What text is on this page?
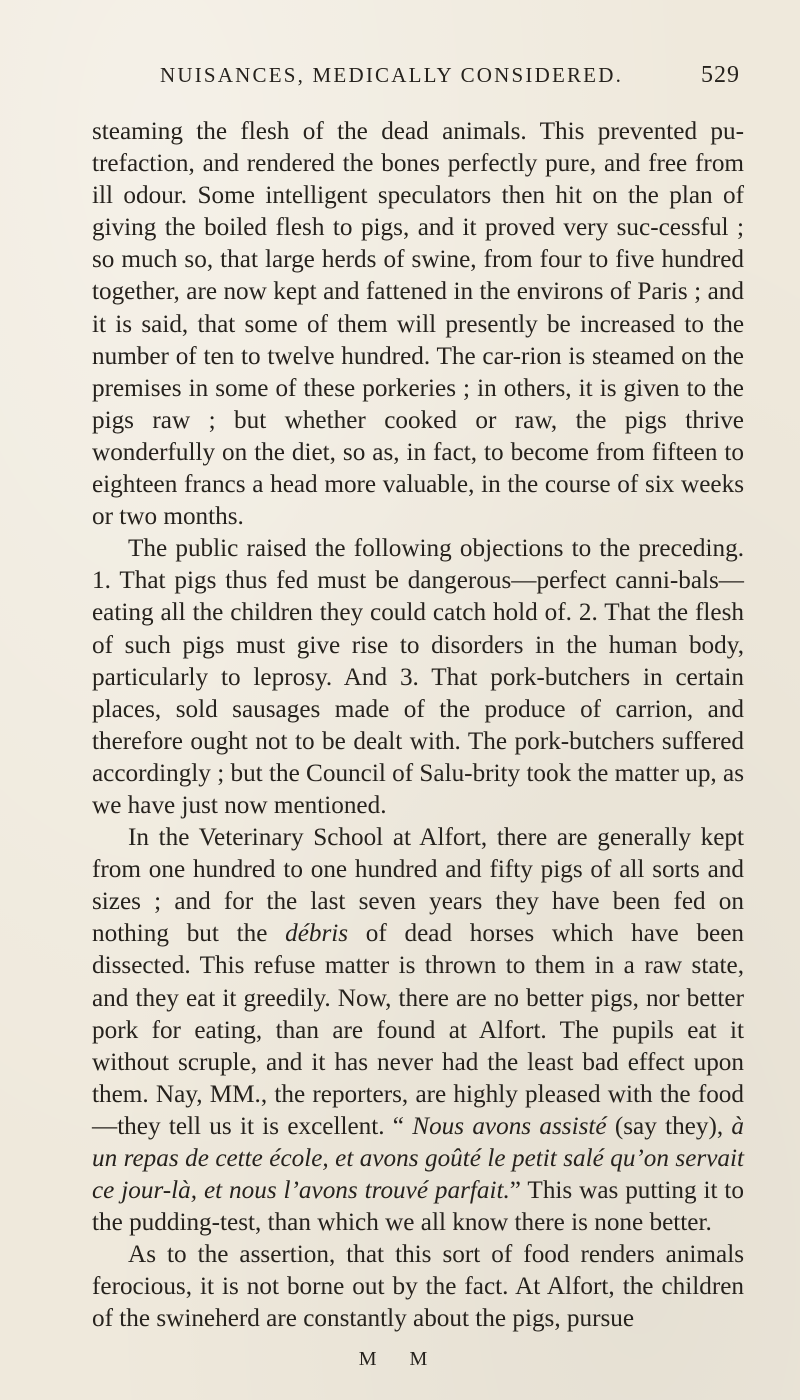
NUISANCES, MEDICALLY CONSIDERED.	529

steaming the flesh of the dead animals. This prevented pu-trefaction, and rendered the bones perfectly pure, and free from ill odour. Some intelligent speculators then hit on the plan of giving the boiled flesh to pigs, and it proved very suc-cessful ; so much so, that large herds of swine, from four to five hundred together, are now kept and fattened in the environs of Paris ; and it is said, that some of them will presently be increased to the number of ten to twelve hundred. The car-rion is steamed on the premises in some of these porkeries ; in others, it is given to the pigs raw ; but whether cooked or raw, the pigs thrive wonderfully on the diet, so as, in fact, to become from fifteen to eighteen francs a head more valuable, in the course of six weeks or two months.

The public raised the following objections to the preceding. 1. That pigs thus fed must be dangerous—perfect canni-bals—eating all the children they could catch hold of. 2. That the flesh of such pigs must give rise to disorders in the human body, particularly to leprosy. And 3. That pork-butchers in certain places, sold sausages made of the produce of carrion, and therefore ought not to be dealt with. The pork-butchers suffered accordingly ; but the Council of Salu-brity took the matter up, as we have just now mentioned.

In the Veterinary School at Alfort, there are generally kept from one hundred to one hundred and fifty pigs of all sorts and sizes ; and for the last seven years they have been fed on nothing but the débris of dead horses which have been dissected. This refuse matter is thrown to them in a raw state, and they eat it greedily. Now, there are no better pigs, nor better pork for eating, than are found at Alfort. The pupils eat it without scruple, and it has never had the least bad effect upon them. Nay, MM., the reporters, are highly pleased with the food—they tell us it is excellent. “ Nous avons assisté (say they), à un repas de cette école, et avons goûté le petit salé qu’on servait ce jour-là, et nous l’avons trouvé parfait.” This was putting it to the pudding-test, than which we all know there is none better.

As to the assertion, that this sort of food renders animals ferocious, it is not borne out by the fact. At Alfort, the children of the swineherd are constantly about the pigs, pursue

M M
